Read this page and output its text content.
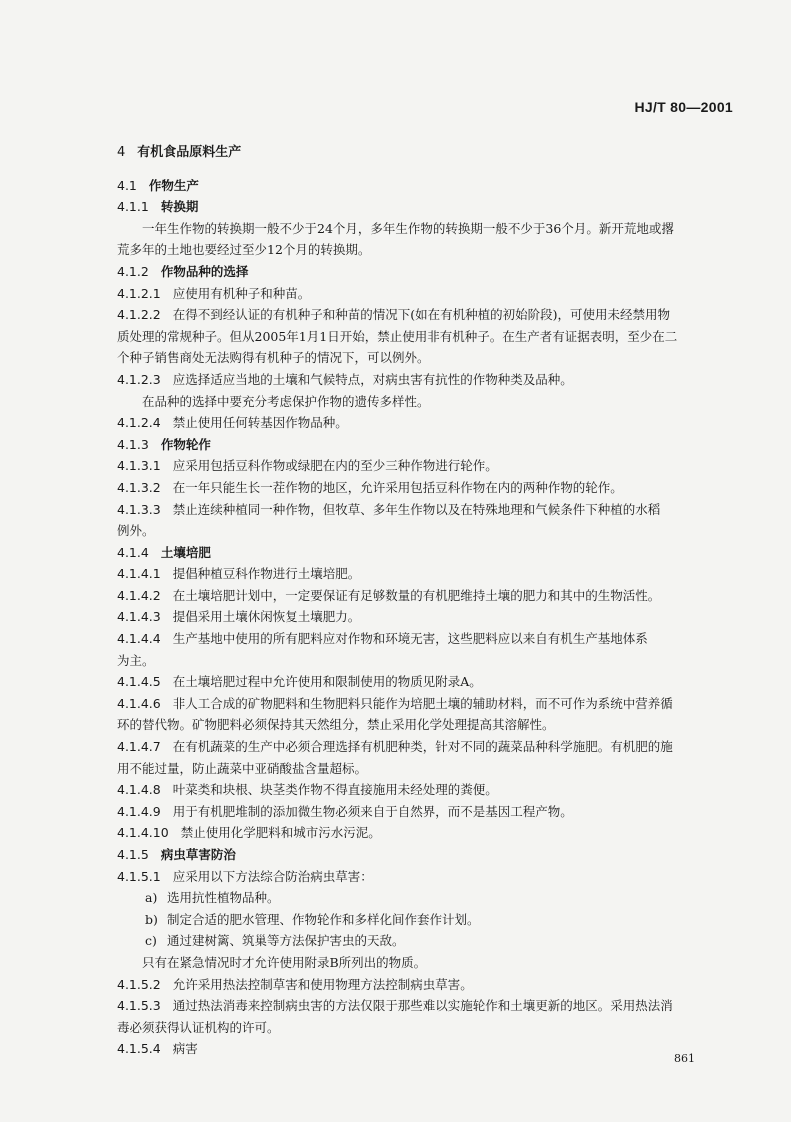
HJ/T 80—2001
4 有机食品原料生产
4.1 作物生产
4.1.1 转换期
一年生作物的转换期一般不少于24个月，多年生作物的转换期一般不少于36个月。新开荒地或撂
荒多年的土地也要经过至少12个月的转换期。
4.1.2 作物品种的选择
4.1.2.1 应使用有机种子和种苗。
4.1.2.2 在得不到经认证的有机种子和种苗的情况下(如在有机种植的初始阶段)，可使用未经禁用物
质处理的常规种子。但从2005年1月1日开始，禁止使用非有机种子。在生产者有证据表明，至少在二
个种子销售商处无法购得有机种子的情况下，可以例外。
4.1.2.3 应选择适应当地的土壤和气候特点，对病虫害有抗性的作物种类及品种。
在品种的选择中要充分考虑保护作物的遗传多样性。
4.1.2.4 禁止使用任何转基因作物品种。
4.1.3 作物轮作
4.1.3.1 应采用包括豆科作物或绿肥在内的至少三种作物进行轮作。
4.1.3.2 在一年只能生长一茬作物的地区，允许采用包括豆科作物在内的两种作物的轮作。
4.1.3.3 禁止连续种植同一种作物，但牧草、多年生作物以及在特殊地理和气候条件下种植的水稻
例外。
4.1.4 土壤培肥
4.1.4.1 提倡种植豆科作物进行土壤培肥。
4.1.4.2 在土壤培肥计划中，一定要保证有足够数量的有机肥维持土壤的肥力和其中的生物活性。
4.1.4.3 提倡采用土壤休闲恢复土壤肥力。
4.1.4.4 生产基地中使用的所有肥料应对作物和环境无害，这些肥料应以来自有机生产基地体系
为主。
4.1.4.5 在土壤培肥过程中允许使用和限制使用的物质见附录A。
4.1.4.6 非人工合成的矿物肥料和生物肥料只能作为培肥土壤的辅助材料，而不可作为系统中营养循
环的替代物。矿物肥料必须保持其天然组分，禁止采用化学处理提高其溶解性。
4.1.4.7 在有机蔬菜的生产中必须合理选择有机肥种类，针对不同的蔬菜品种科学施肥。有机肥的施
用不能过量，防止蔬菜中亚硝酸盐含量超标。
4.1.4.8 叶菜类和块根、块茎类作物不得直接施用未经处理的粪便。
4.1.4.9 用于有机肥堆制的添加微生物必须来自于自然界，而不是基因工程产物。
4.1.4.10 禁止使用化学肥料和城市污水污泥。
4.1.5 病虫草害防治
4.1.5.1 应采用以下方法综合防治病虫草害：
a) 选用抗性植物品种。
b) 制定合适的肥水管理、作物轮作和多样化间作套作计划。
c) 通过建树篱、筑巢等方法保护害虫的天敌。
只有在紧急情况时才允许使用附录B所列出的物质。
4.1.5.2 允许采用热法控制草害和使用物理方法控制病虫草害。
4.1.5.3 通过热法消毒来控制病虫害的方法仅限于那些难以实施轮作和土壤更新的地区。采用热法消
毒必须获得认证机构的许可。
4.1.5.4 病害
861
